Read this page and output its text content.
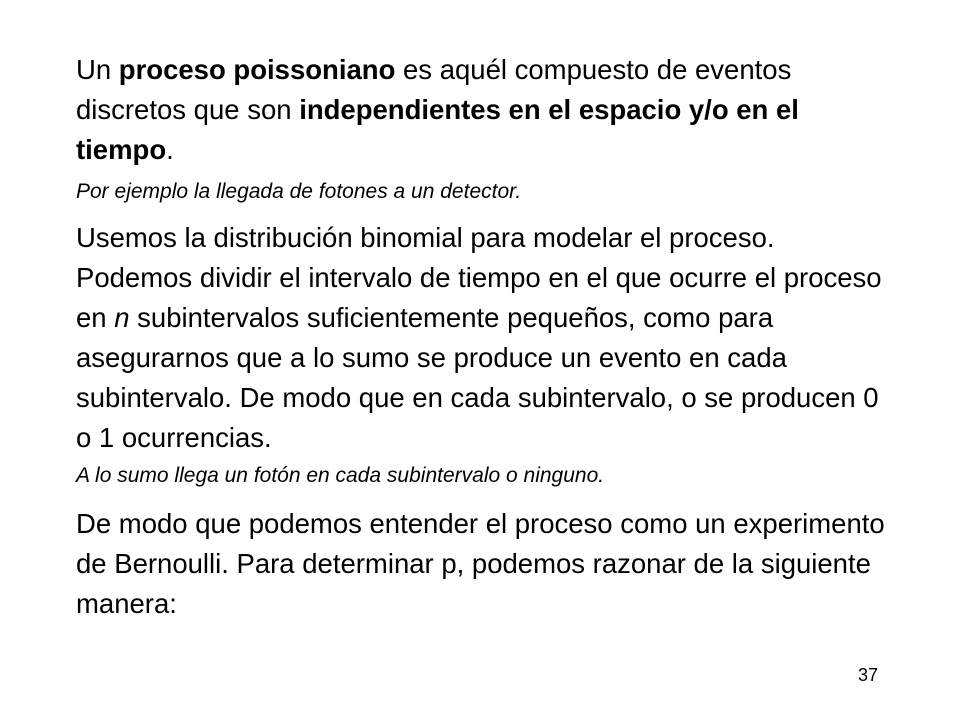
Un proceso poissoniano es aquél compuesto de eventos discretos que son independientes en el espacio y/o en el tiempo.

Por ejemplo la llegada de fotones a un detector.

Usemos la distribución binomial para modelar el proceso. Podemos dividir el intervalo de tiempo en el que ocurre el proceso en n subintervalos suficientemente pequeños, como para asegurarnos que a lo sumo se produce un evento en cada subintervalo. De modo que en cada subintervalo, o se producen 0 o 1 ocurrencias.

A lo sumo llega un fotón en cada subintervalo o ninguno.

De modo que podemos entender el proceso como un experimento de Bernoulli. Para determinar p, podemos razonar de la siguiente manera:

37
